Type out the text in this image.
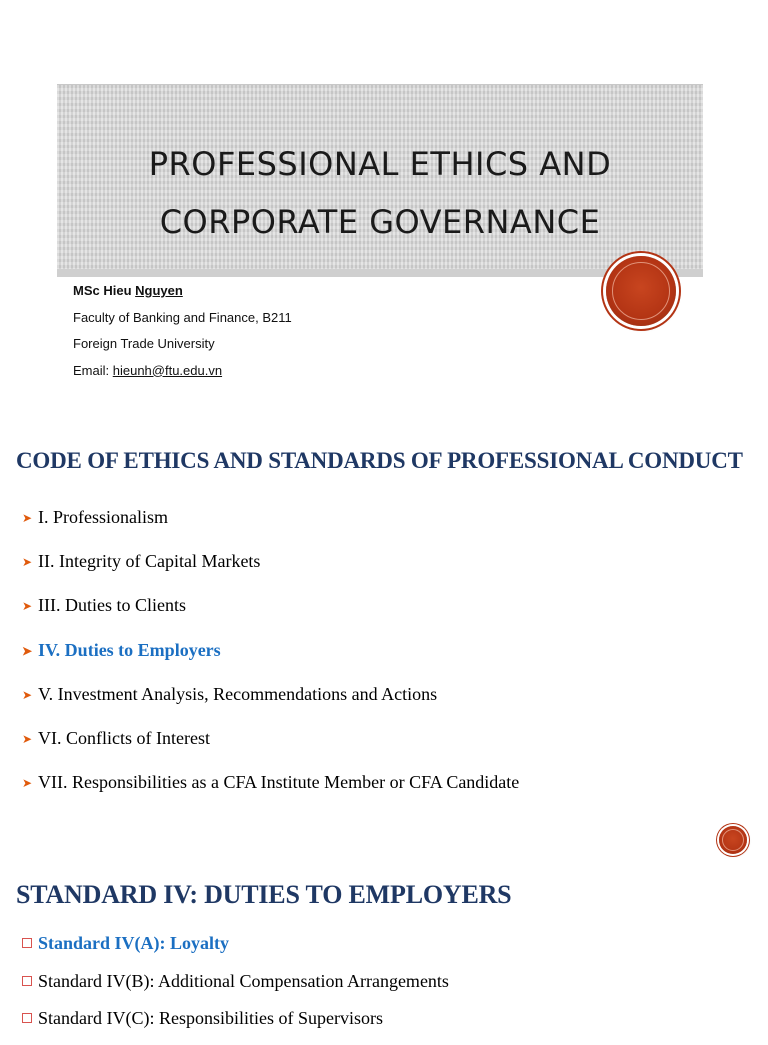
PROFESSIONAL ETHICS AND
CORPORATE GOVERNANCE
MSc Hieu Nguyen
Faculty of Banking and Finance, B211
Foreign Trade University
Email: hieunh@ftu.edu.vn
CODE OF ETHICS AND STANDARDS OF PROFESSIONAL CONDUCT
➤ I. Professionalism
➤ II. Integrity of Capital Markets
➤ III. Duties to Clients
➤ IV. Duties to Employers
➤ V. Investment Analysis, Recommendations and Actions
➤ VI. Conflicts of Interest
➤ VII. Responsibilities as a CFA Institute Member or CFA Candidate
STANDARD IV: DUTIES TO EMPLOYERS
Standard IV(A): Loyalty
Standard IV(B): Additional Compensation Arrangements
Standard IV(C): Responsibilities of Supervisors
